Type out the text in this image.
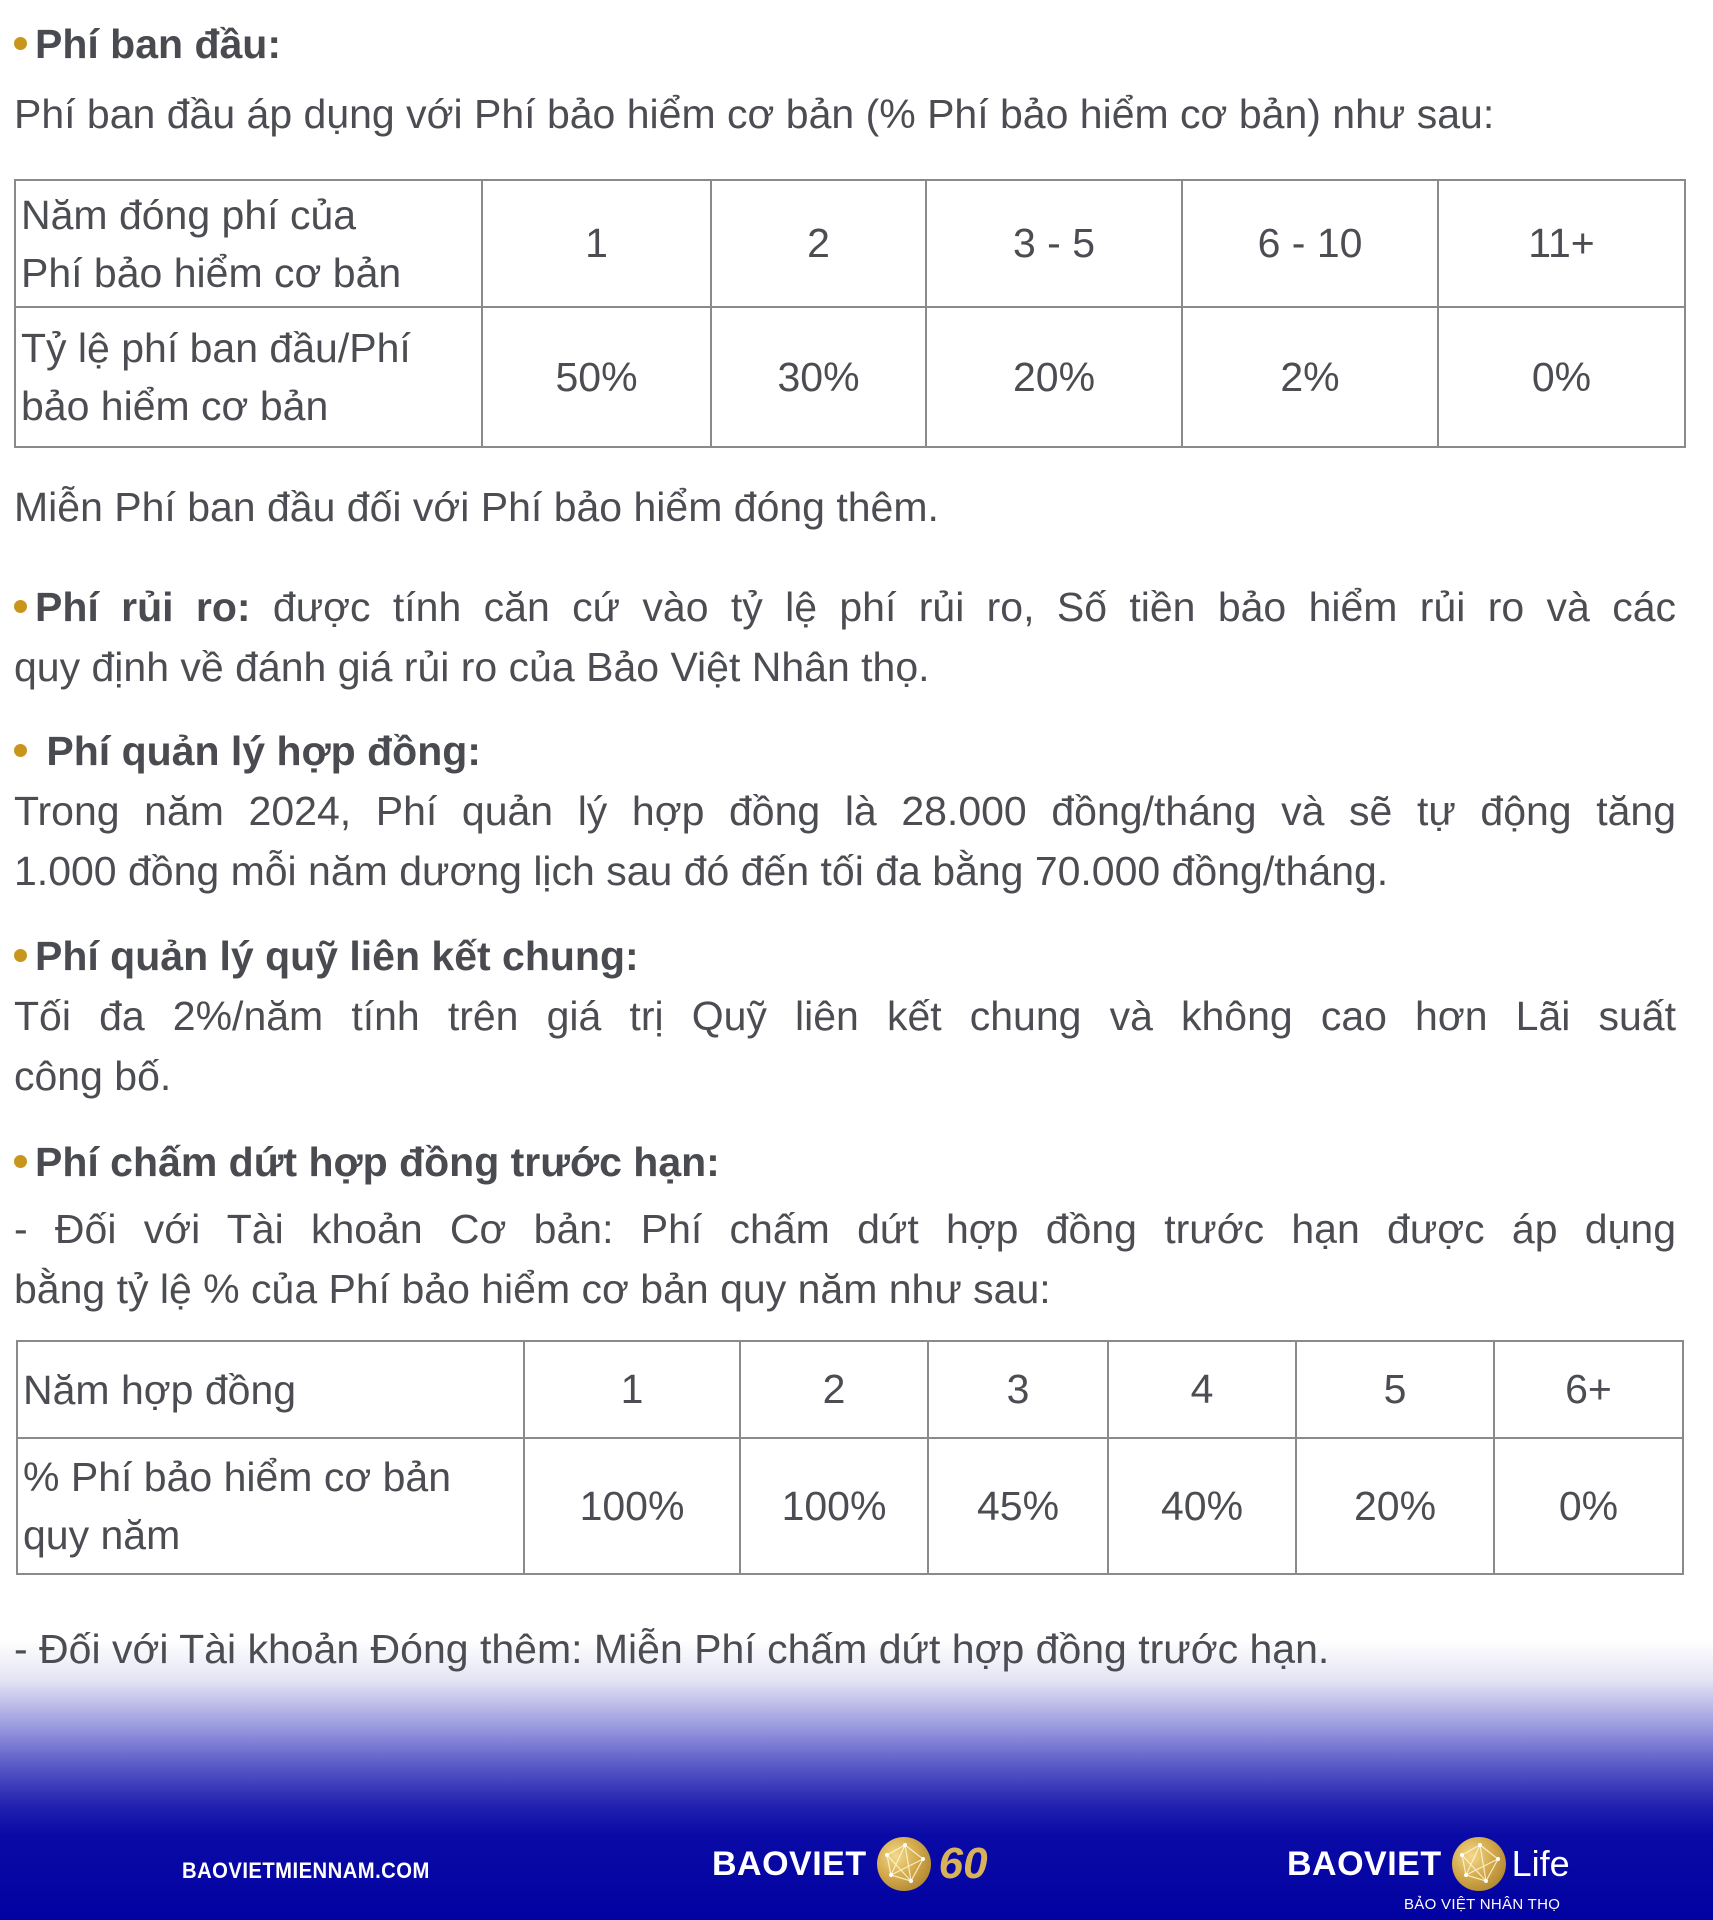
Phí ban đầu:
Phí ban đầu áp dụng với Phí bảo hiểm cơ bản (% Phí bảo hiểm cơ bản) như sau:
Năm đóng phí của
Phí bảo hiểm cơ bản	1	2	3 - 5	6 - 10	11+
Tỷ lệ phí ban đầu/Phí
bảo hiểm cơ bản	50%	30%	20%	2%	0%
Miễn Phí ban đầu đối với Phí bảo hiểm đóng thêm.
Phí rủi ro: được tính căn cứ vào tỷ lệ phí rủi ro, Số tiền bảo hiểm rủi ro và các
quy định về đánh giá rủi ro của Bảo Việt Nhân thọ.
Phí quản lý hợp đồng:
Trong năm 2024, Phí quản lý hợp đồng là 28.000 đồng/tháng và sẽ tự động tăng
1.000 đồng mỗi năm dương lịch sau đó đến tối đa bằng 70.000 đồng/tháng.
Phí quản lý quỹ liên kết chung:
Tối đa 2%/năm tính trên giá trị Quỹ liên kết chung và không cao hơn Lãi suất
công bố.
Phí chấm dứt hợp đồng trước hạn:
- Đối với Tài khoản Cơ bản: Phí chấm dứt hợp đồng trước hạn được áp dụng
bằng tỷ lệ % của Phí bảo hiểm cơ bản quy năm như sau:
Năm hợp đồng	1	2	3	4	5	6+
% Phí bảo hiểm cơ bản
quy năm	100%	100%	45%	40%	20%	0%
- Đối với Tài khoản Đóng thêm: Miễn Phí chấm dứt hợp đồng trước hạn.
BAOVIETMIENNAM.COM	BAOVIET 60	BAOVIET Life
BẢO VIỆT NHÂN THỌ
